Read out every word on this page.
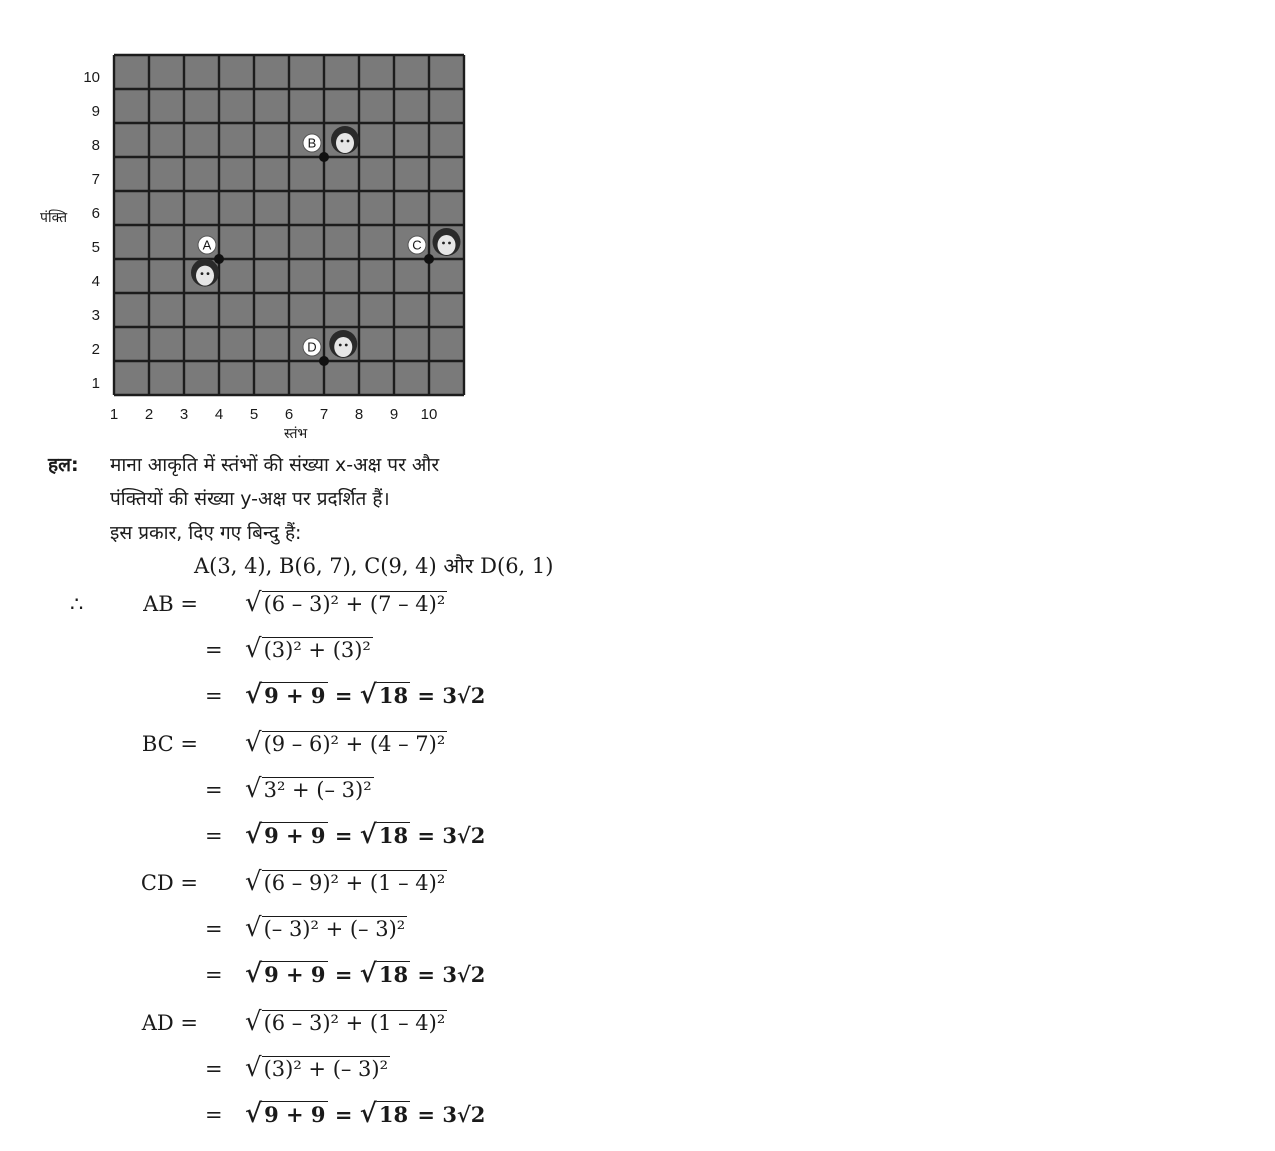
1 2 3 4 5 6 7 8 9 10
1
2
3
4
5
6
7
8
9
10
A
B
C
D
पंक्ति
स्तंभ
हल: माना आकृति में स्तंभों की संख्या x-अक्ष पर और
पंक्तियों की संख्या y-अक्ष पर प्रदर्शित हैं।
इस प्रकार, दिए गए बिन्दु हैं:
A(3, 4), B(6, 7), C(9, 4) और D(6, 1)
∴	AB = √(6 – 3)² + (7 – 4)²
= √(3)² + (3)²
= √9 + 9 = √18 = 3√2
BC = √(9 – 6)² + (4 – 7)²
= √3² + (– 3)²
= √9 + 9 = √18 = 3√2
CD = √(6 – 9)² + (1 – 4)²
= √(– 3)² + (– 3)²
= √9 + 9 = √18 = 3√2
AD = √(6 – 3)² + (1 – 4)²
= √(3)² + (– 3)²
= √9 + 9 = √18 = 3√2
